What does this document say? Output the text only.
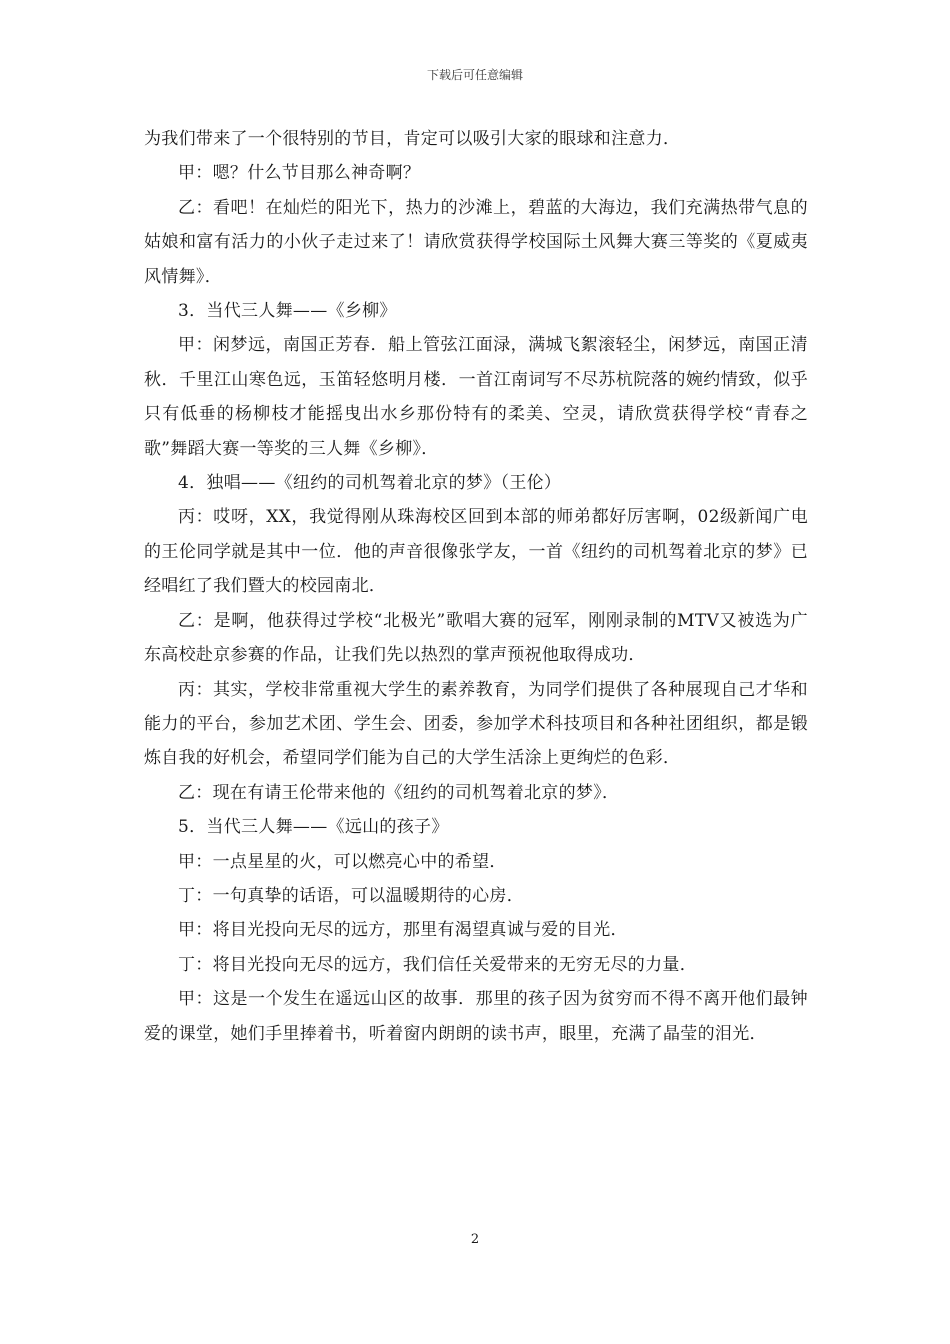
下载后可任意编辑

为我们带来了一个很特别的节目，肯定可以吸引大家的眼球和注意力．

甲：嗯？什么节目那么神奇啊？

乙：看吧！在灿烂的阳光下，热力的沙滩上，碧蓝的大海边，我们充满热带气息的姑娘和富有活力的小伙子走过来了！请欣赏获得学校国际土风舞大赛三等奖的《夏威夷风情舞》．

3．当代三人舞——《乡柳》

甲：闲梦远，南国正芳春．船上管弦江面渌，满城飞絮滚轻尘，闲梦远，南国正清秋．千里江山寒色远，玉笛轻悠明月楼．一首江南词写不尽苏杭院落的婉约情致，似乎只有低垂的杨柳枝才能摇曳出水乡那份特有的柔美、空灵，请欣赏获得学校“青春之歌”舞蹈大赛一等奖的三人舞《乡柳》．

4．独唱——《纽约的司机驾着北京的梦》（王伦）

丙：哎呀，XX，我觉得刚从珠海校区回到本部的师弟都好厉害啊，02级新闻广电的王伦同学就是其中一位．他的声音很像张学友，一首《纽约的司机驾着北京的梦》已经唱红了我们暨大的校园南北．

乙：是啊，他获得过学校“北极光”歌唱大赛的冠军，刚刚录制的MTV又被选为广东高校赴京参赛的作品，让我们先以热烈的掌声预祝他取得成功．

丙：其实，学校非常重视大学生的素养教育，为同学们提供了各种展现自己才华和能力的平台，参加艺术团、学生会、团委，参加学术科技项目和各种社团组织，都是锻炼自我的好机会，希望同学们能为自己的大学生活涂上更绚烂的色彩．

乙：现在有请王伦带来他的《纽约的司机驾着北京的梦》．

5．当代三人舞——《远山的孩子》

甲：一点星星的火，可以燃亮心中的希望．

丁：一句真挚的话语，可以温暖期待的心房．

甲：将目光投向无尽的远方，那里有渴望真诚与爱的目光．

丁：将目光投向无尽的远方，我们信任关爱带来的无穷无尽的力量．

甲：这是一个发生在遥远山区的故事．那里的孩子因为贫穷而不得不离开他们最钟爱的课堂，她们手里捧着书，听着窗内朗朗的读书声，眼里，充满了晶莹的泪光．

2
